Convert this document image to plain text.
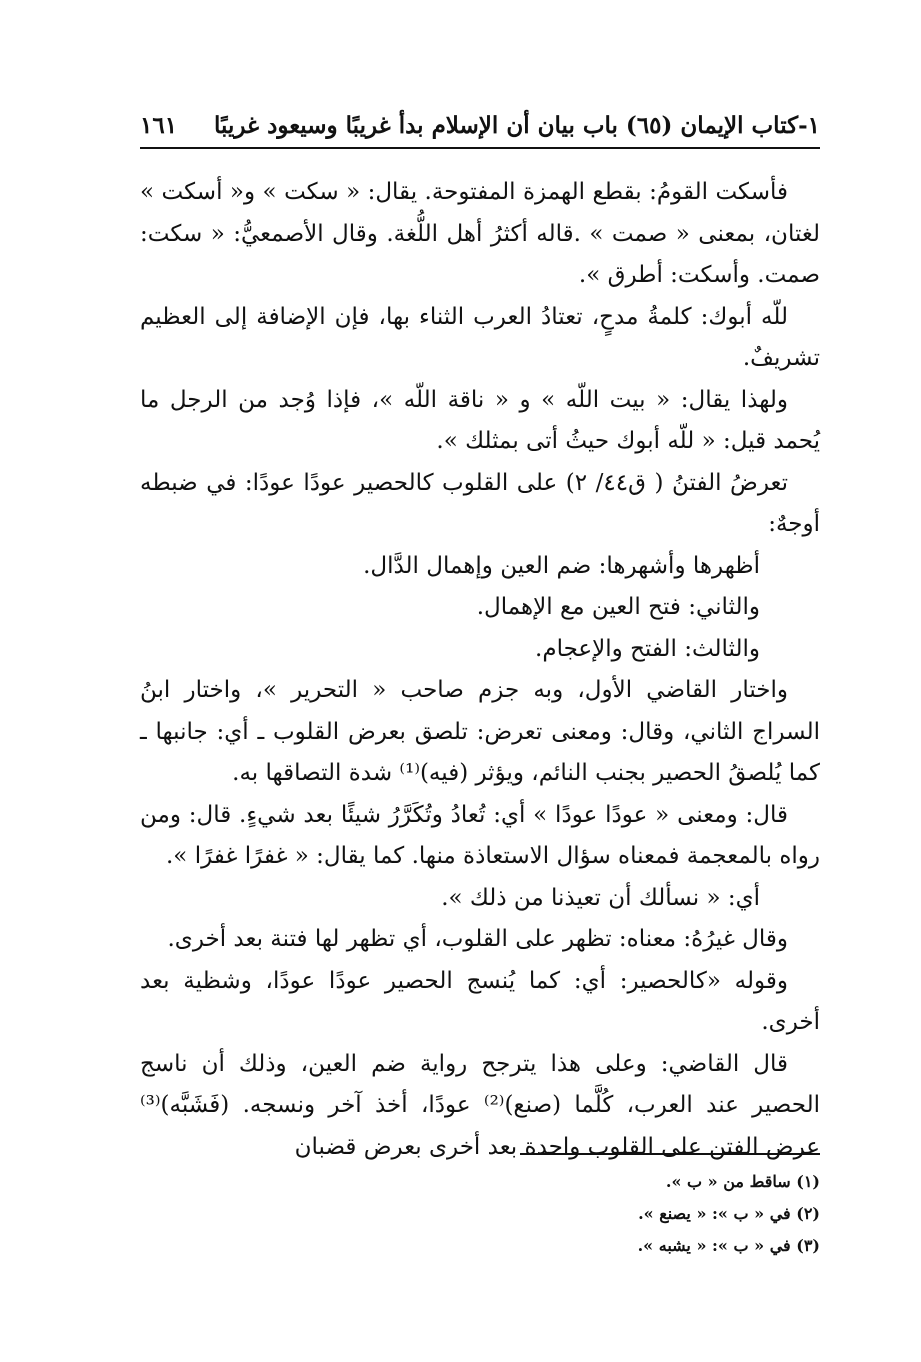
١-كتاب الإيمان (٦٥) باب بيان أن الإسلام بدأ غريبًا وسيعود غريبًا
١٦١

فأسكت القومُ: بقطع الهمزة المفتوحة. يقال: « سكت » و« أسكت » لغتان، بمعنى « صمت » .قاله أكثرُ أهل اللُّغة. وقال الأصمعيُّ: « سكت: صمت. وأسكت: أطرق ».

للّه أبوك: كلمةُ مدحٍ، تعتادُ العرب الثناء بها، فإن الإضافة إلى العظيم تشريفٌ.

ولهذا يقال: « بيت اللّه » و « ناقة اللّه »، فإذا وُجد من الرجل ما يُحمد قيل: « للّه أبوك حيثُ أتى بمثلك ».

تعرضُ الفتنُ ( ق٤٤/ ٢) على القلوب كالحصير عودًا عودًا: في ضبطه أوجهٌ:

أظهرها وأشهرها: ضم العين وإهمال الدَّال.

والثاني: فتح العين مع الإهمال.

والثالث: الفتح والإعجام.

واختار القاضي الأول، وبه جزم صاحب « التحرير »، واختار ابنُ السراج الثاني، وقال: ومعنى تعرض: تلصق بعرض القلوب ـ أي: جانبها ـ كما يُلصقُ الحصير بجنب النائم، ويؤثر (فيه)⁽¹⁾ شدة التصاقها به.

قال: ومعنى « عودًا عودًا » أي: تُعادُ وتُكَرَّرُ شيئًا بعد شيءٍ. قال: ومن رواه بالمعجمة فمعناه سؤال الاستعاذة منها. كما يقال: « غفرًا غفرًا ».

أي: « نسألك أن تعيذنا من ذلك ».

وقال غيرُهُ: معناه: تظهر على القلوب، أي تظهر لها فتنة بعد أخرى.

وقوله «كالحصير: أي: كما يُنسج الحصير عودًا عودًا، وشظية بعد أخرى.

قال القاضي: وعلى هذا يترجح رواية ضم العين، وذلك أن ناسج الحصير عند العرب، كُلَّما (صنع)⁽²⁾ عودًا، أخذ آخر ونسجه. (فَشَبَّه)⁽³⁾ عرض الفتن على القلوب واحدة بعد أخرى بعرض قضبان

(١) ساقط من « ب ».

(٢) في « ب »: « يصنع ».

(٣) في « ب »: « يشبه ».
